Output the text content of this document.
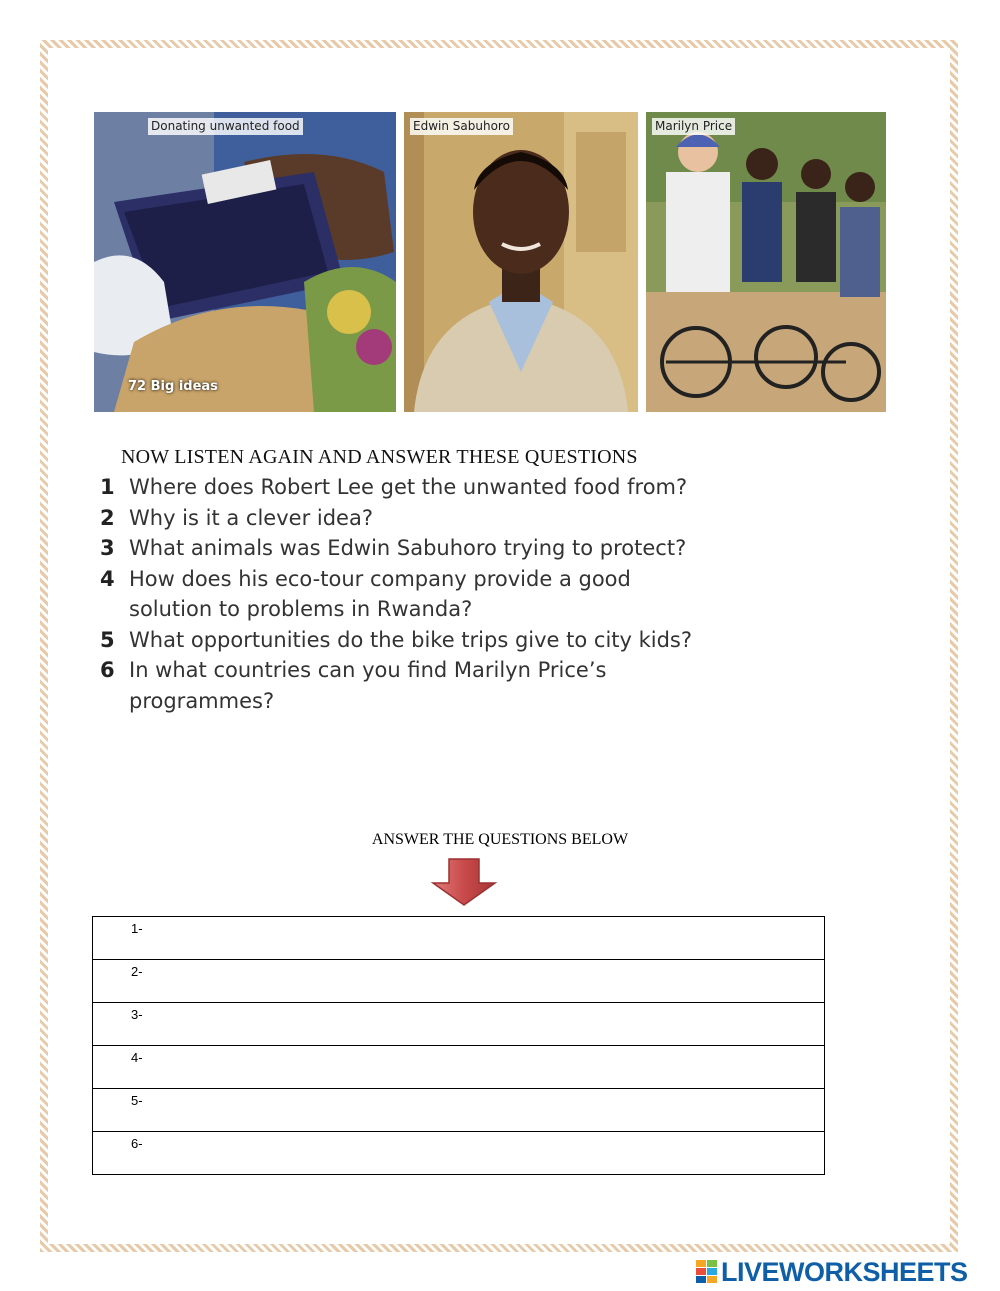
Donating unwanted food
72 Big ideas
Edwin Sabuhoro	Marilyn Price
NOW LISTEN AGAIN AND ANSWER THESE QUESTIONS
1 Where does Robert Lee get the unwanted food from?
2 Why is it a clever idea?
3 What animals was Edwin Sabuhoro trying to protect?
4 How does his eco-tour company provide a good solution to problems in Rwanda?
5 What opportunities do the bike trips give to city kids?
6 In what countries can you find Marilyn Price’s programmes?
ANSWER THE QUESTIONS BELOW
1-
2-
3-
4-
5-
6-
LIVEWORKSHEETS
